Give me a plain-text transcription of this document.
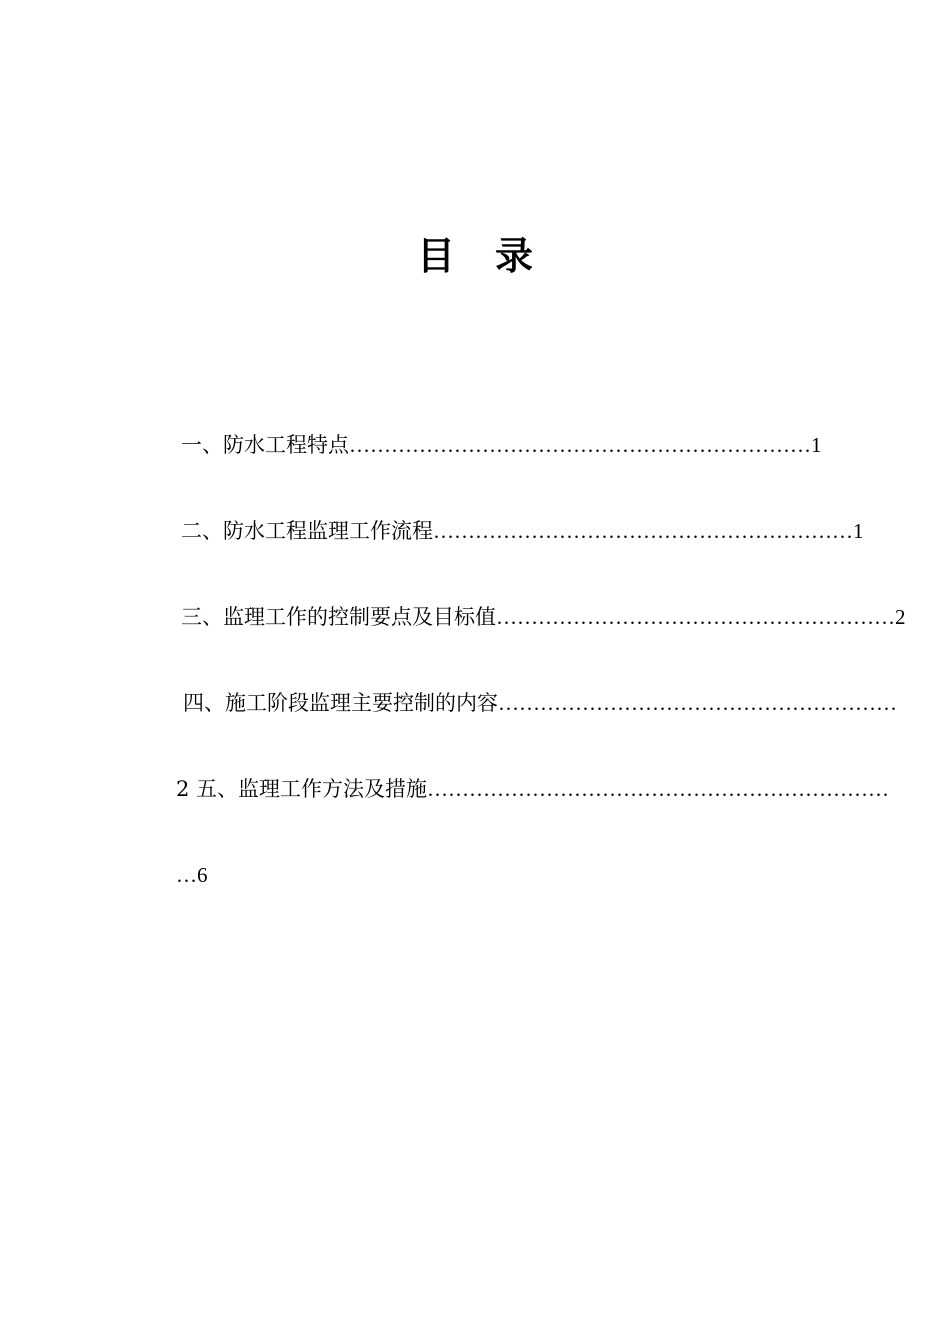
目 录
一、防水工程特点…………………………………………………………1
二、防水工程监理工作流程……………………………………………………1
三、监理工作的控制要点及目标值…………………………………………………2
四、施工阶段监理主要控制的内容…………………………………………………
2 五、监理工作方法及措施…………………………………………………………
…6
